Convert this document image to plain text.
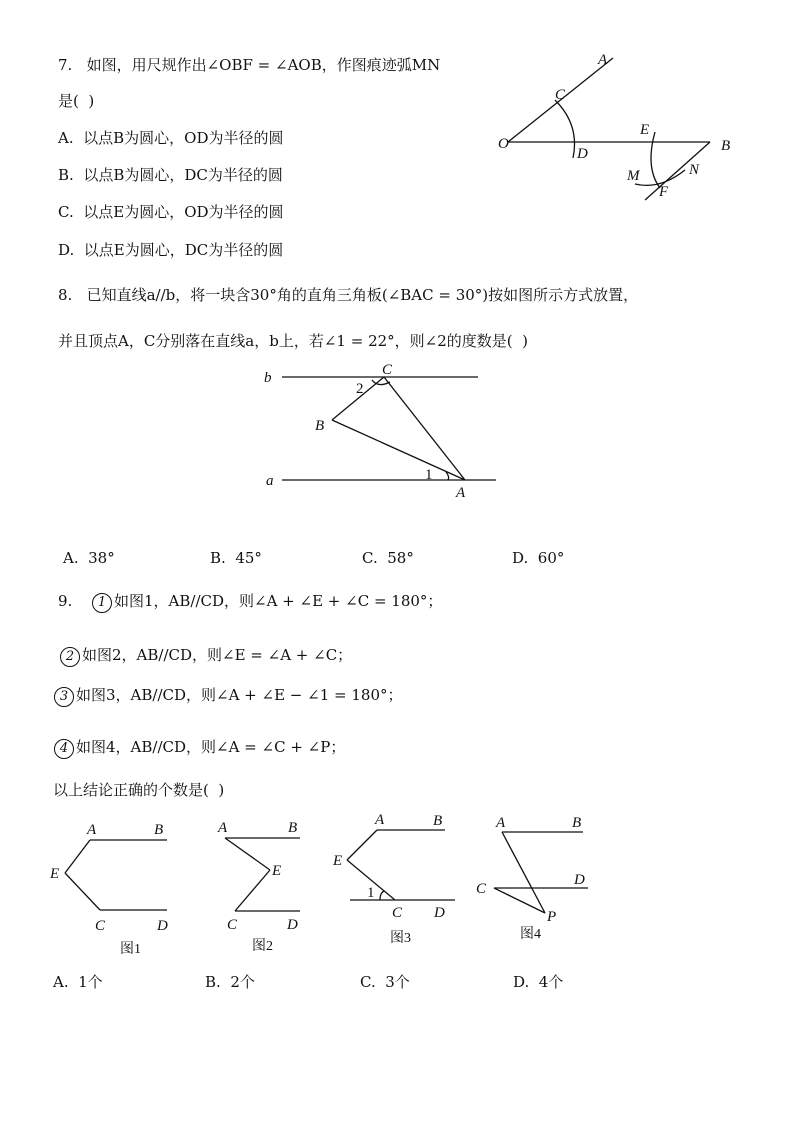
7.   如图，用尺规作出∠OBF = ∠AOB，作图痕迹弧MN
是(  )
A.  以点B为圆心，OD为半径的圆
B.  以点B为圆心，DC为半径的圆
C.  以点E为圆心，OD为半径的圆
D.  以点E为圆心，DC为半径的圆
A
C
O
D
E
B
M	N
F
8.   已知直线a//b，将一块含30°角的直角三角板(∠BAC = 30°)按如图所示方式放置，
并且顶点A，C分别落在直线a，b上，若∠1 = 22°，则∠2的度数是(  )
b
a
C
B
A
1
2
A.  38°	B.  45°	C.  58°	D.  60°
9.	1 如图1，AB//CD，则∠A + ∠E + ∠C = 180°；
2 如图2，AB//CD，则∠E = ∠A + ∠C；
3 如图3，AB//CD，则∠A + ∠E − ∠1 = 180°；
4 如图4，AB//CD，则∠A = ∠C + ∠P；
以上结论正确的个数是(  )
A	B
E
C	D
图1
A	B
E
C	D
图2
A	B
E
1
C D
图3
A	B
C
D
P
图4
A.  1个	B.  2个	C.  3个	D.  4个
